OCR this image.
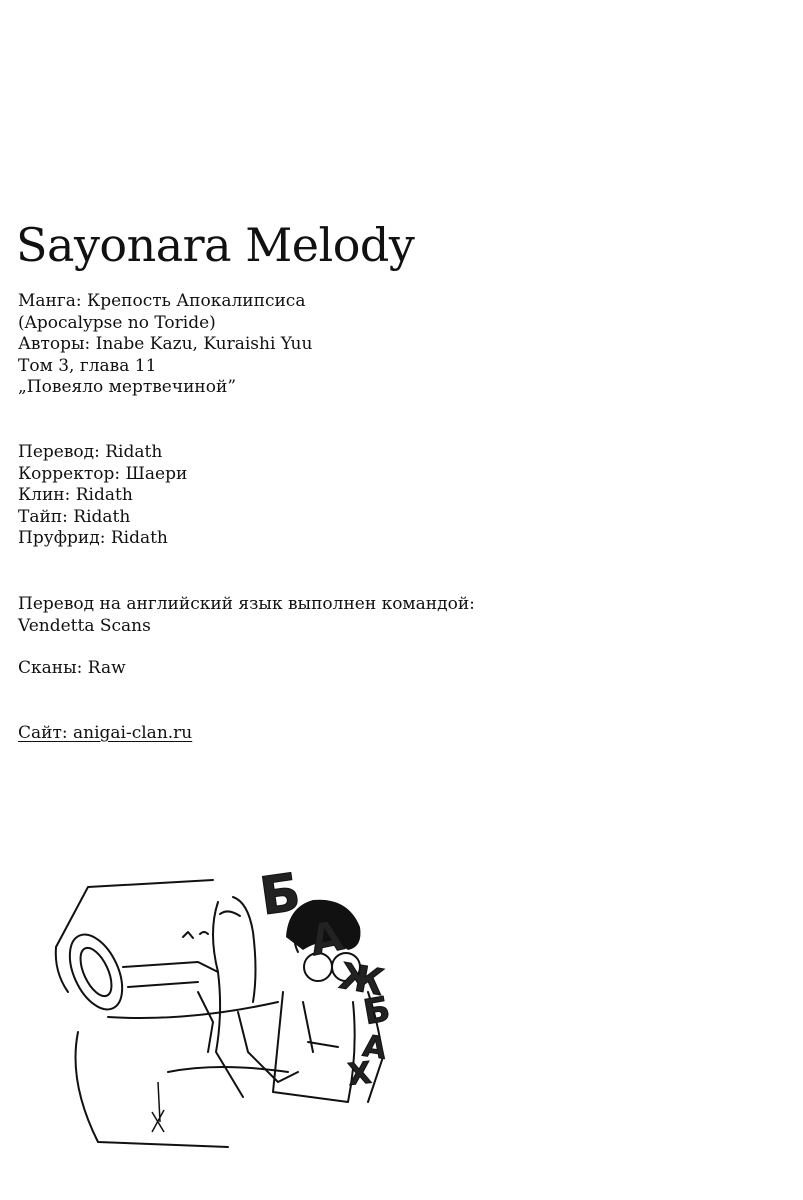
Sayonara Melody
Манга: Крепость Апокалипсиса
(Apocalypse no Toride)
Авторы: Inabe Kazu, Kuraishi Yuu
Том 3, глава 11
„Повеяло мертвечиной”
Перевод: Ridath
Корректор: Шаери
Клин: Ridath
Тайп: Ridath
Пруфрид: Ridath
Перевод на английский язык выполнен командой:
Vendetta Scans
Сканы: Raw
Сайт: anigai-clan.ru
Б
А
Ж
Б
А
Х
